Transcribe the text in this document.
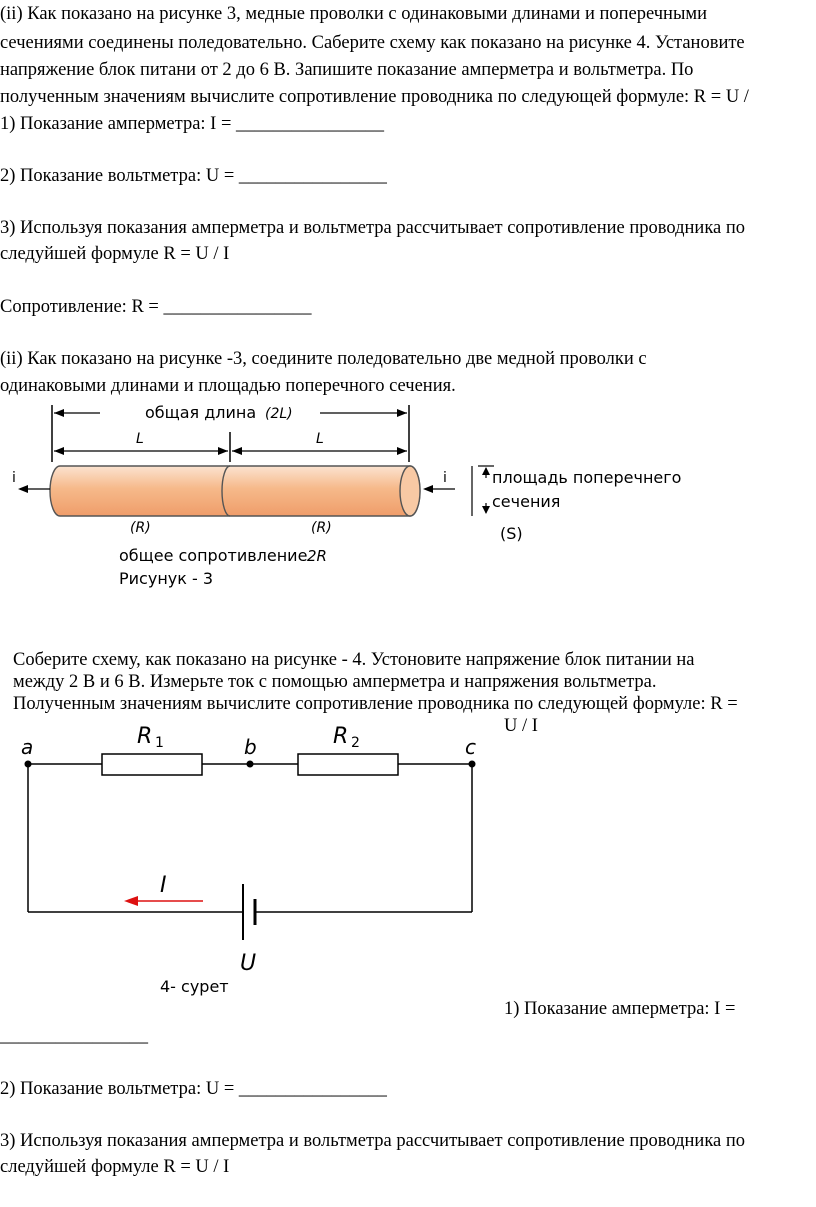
(ii) Как показано на рисунке 3, медные проволки с одинаковыми длинами и поперечными
сечениями соединены поледовательно. Саберите схему как показано на рисунке 4. Установите
напряжение блок питани от 2 до 6 В. Запишите показание амперметра и вольтметра. По
полученным значениям вычислите сопротивление проводника по следующей формуле: R = U /
1) Показание амперметра: I = ________________
2) Показание вольтметра: U = ________________
3) Используя показания амперметра и вольтметра рассчитывает сопротивление проводника по
следуйшей формуле R = U / I
Сопротивление: R = ________________
(ii) Как показано на рисунке -3, соедините поледовательно две медной проволки с
одинаковыми длинами и площадью поперечного сечения.
общая длина (2L)
L	L
i	i	площадь поперечнего
сечения
(S)
(R)	(R)
общее сопротивление 2R
Рисунук - 3
Соберите схему, как показано на рисунке - 4. Устоновите напряжение блок питании на
между 2 В и 6 В. Измерьте ток с помощью амперметра и напряжения вольтметра.
Полученным значениям вычислите сопротивление проводника по следующей формуле: R =
U / I
a	b	c
R 1	R 2
I
U
4- сурет
1) Показание амперметра: I =
________________
2) Показание вольтметра: U = ________________
3) Используя показания амперметра и вольтметра рассчитывает сопротивление проводника по
следуйшей формуле R = U / I
